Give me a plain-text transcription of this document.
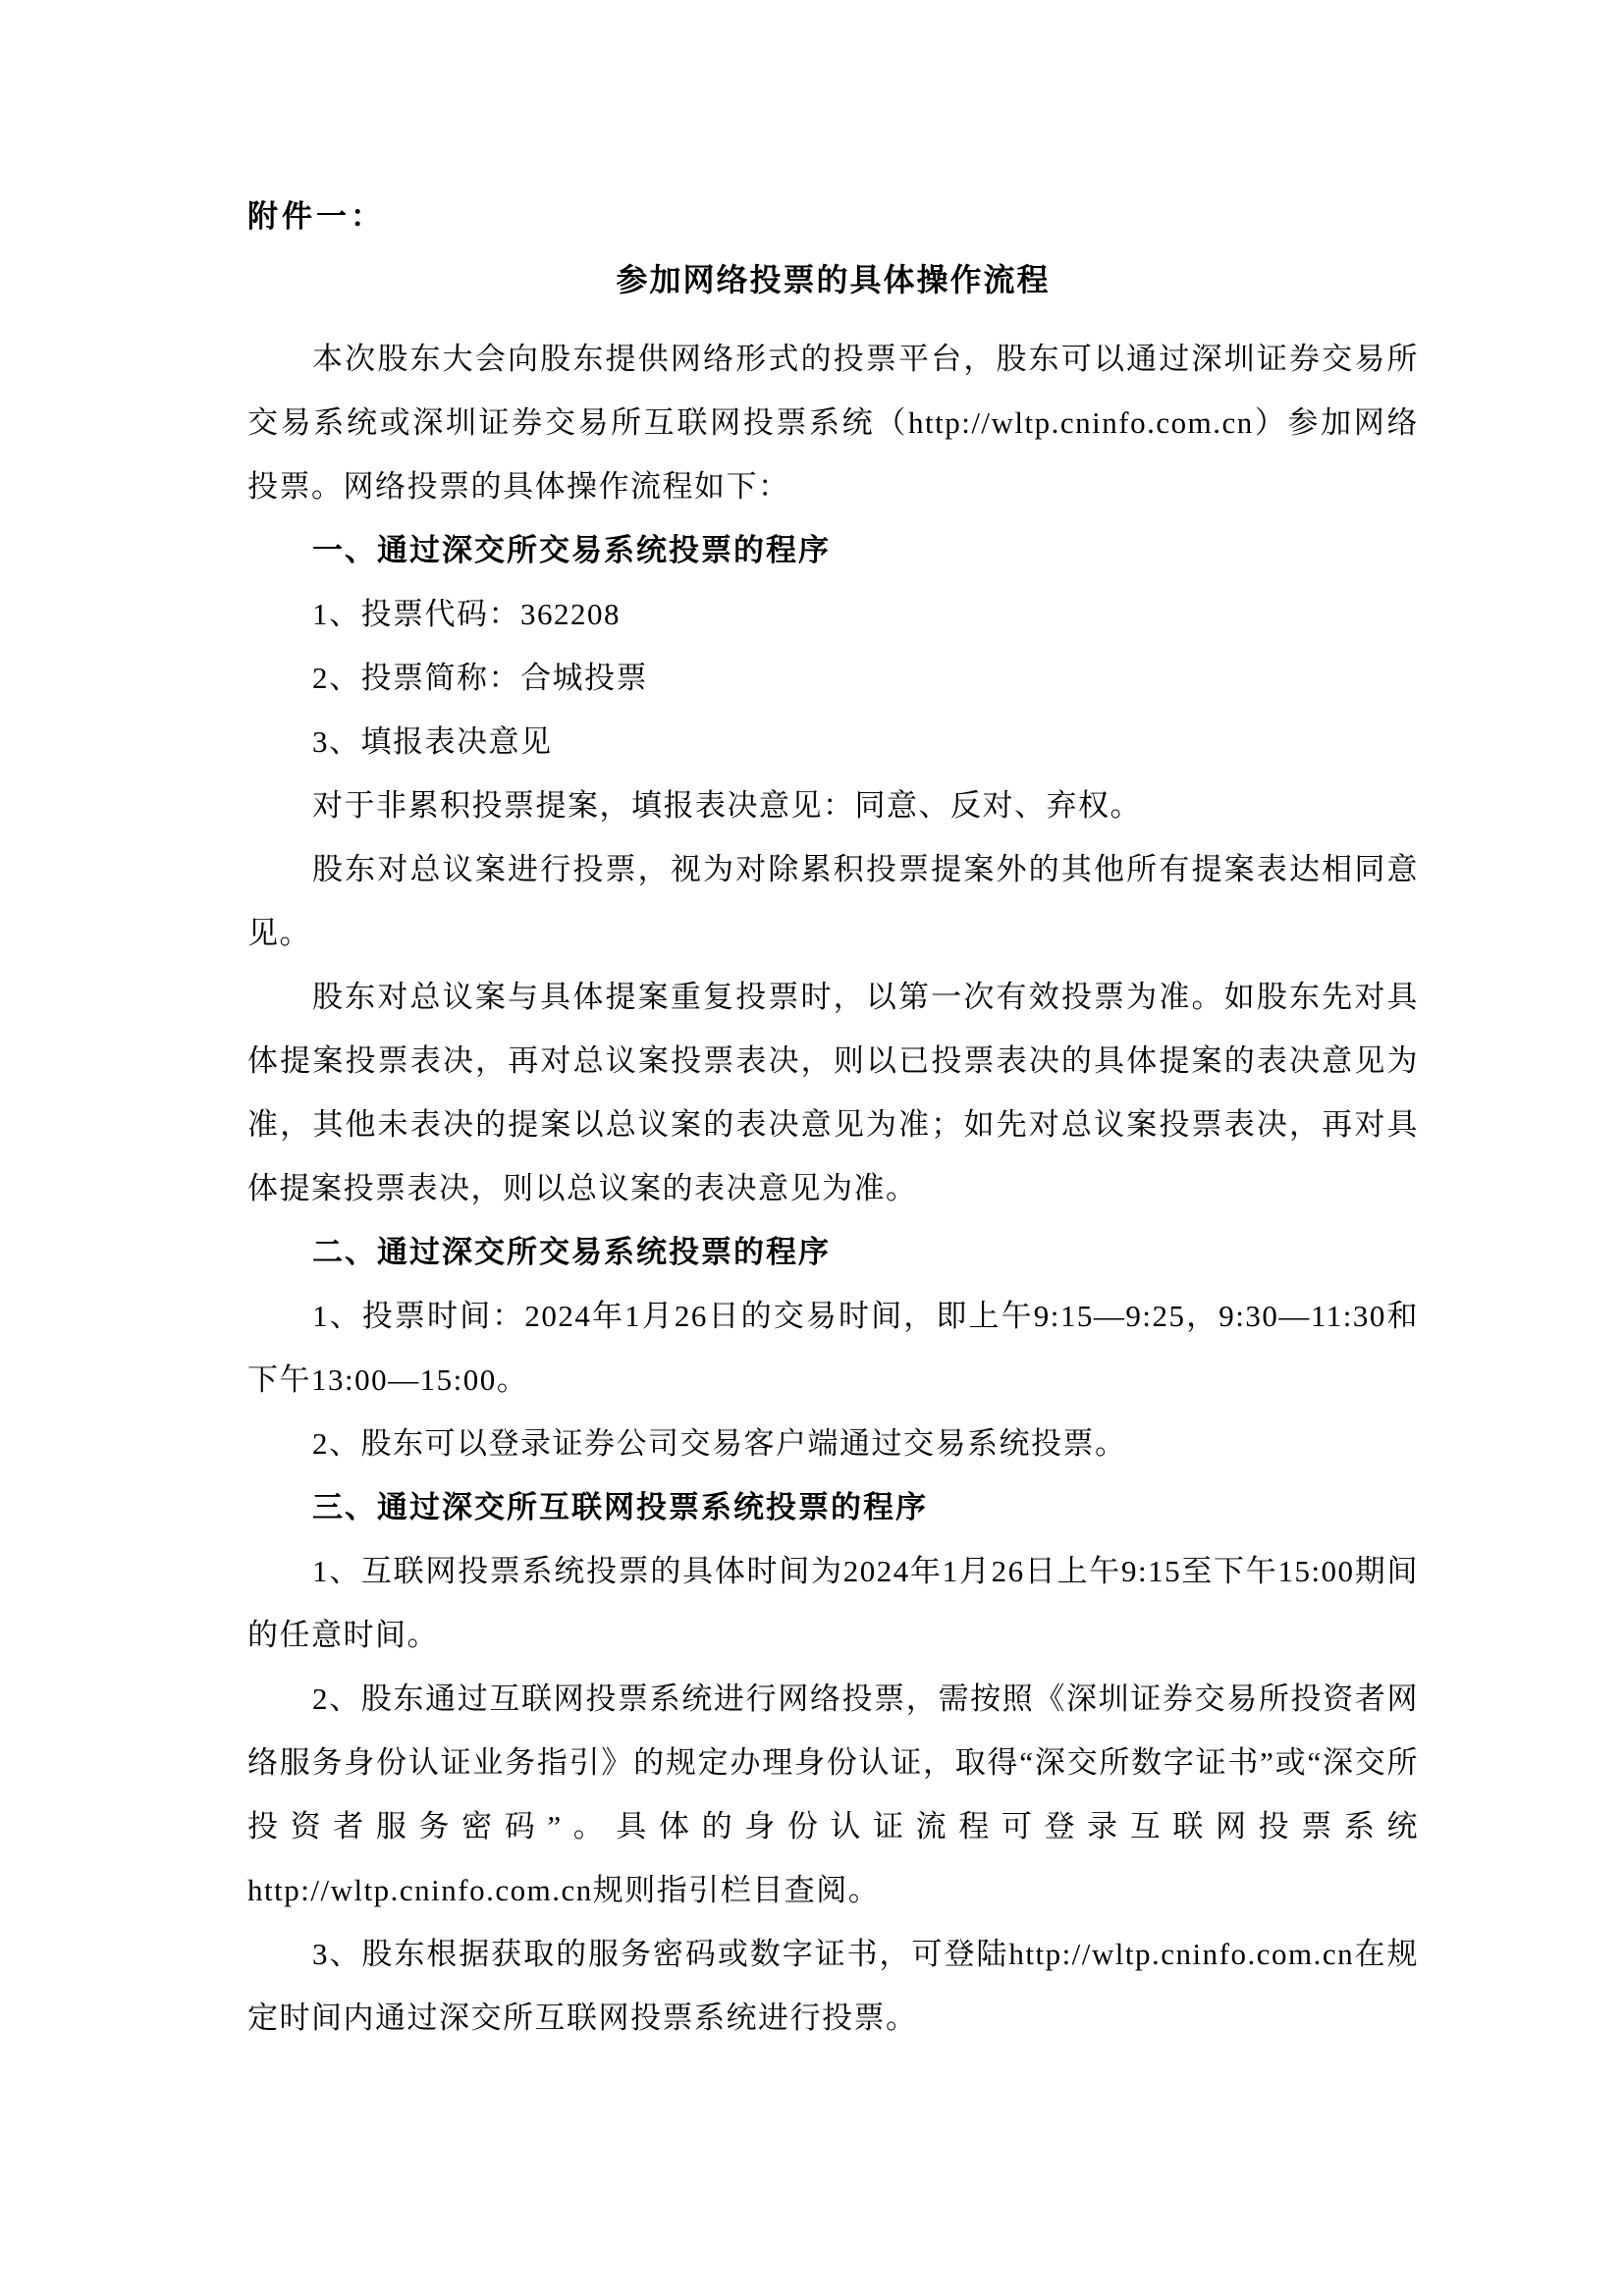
附件一：

参加网络投票的具体操作流程

本次股东大会向股东提供网络形式的投票平台，股东可以通过深圳证券交易所交易系统或深圳证券交易所互联网投票系统（http://wltp.cninfo.com.cn）参加网络投票。网络投票的具体操作流程如下：

一、通过深交所交易系统投票的程序

1、投票代码：362208

2、投票简称：合城投票

3、填报表决意见

对于非累积投票提案，填报表决意见：同意、反对、弃权。

股东对总议案进行投票，视为对除累积投票提案外的其他所有提案表达相同意见。

股东对总议案与具体提案重复投票时，以第一次有效投票为准。如股东先对具体提案投票表决，再对总议案投票表决，则以已投票表决的具体提案的表决意见为准，其他未表决的提案以总议案的表决意见为准；如先对总议案投票表决，再对具体提案投票表决，则以总议案的表决意见为准。

二、通过深交所交易系统投票的程序

1、投票时间：2024年1月26日的交易时间，即上午9:15—9:25，9:30—11:30和下午13:00—15:00。

2、股东可以登录证券公司交易客户端通过交易系统投票。

三、通过深交所互联网投票系统投票的程序

1、互联网投票系统投票的具体时间为2024年1月26日上午9:15至下午15:00期间的任意时间。

2、股东通过互联网投票系统进行网络投票，需按照《深圳证券交易所投资者网络服务身份认证业务指引》的规定办理身份认证，取得“深交所数字证书”或“深交所投资者服务密码”。具体的身份认证流程可登录互联网投票系统http://wltp.cninfo.com.cn规则指引栏目查阅。

3、股东根据获取的服务密码或数字证书，可登陆http://wltp.cninfo.com.cn在规定时间内通过深交所互联网投票系统进行投票。
